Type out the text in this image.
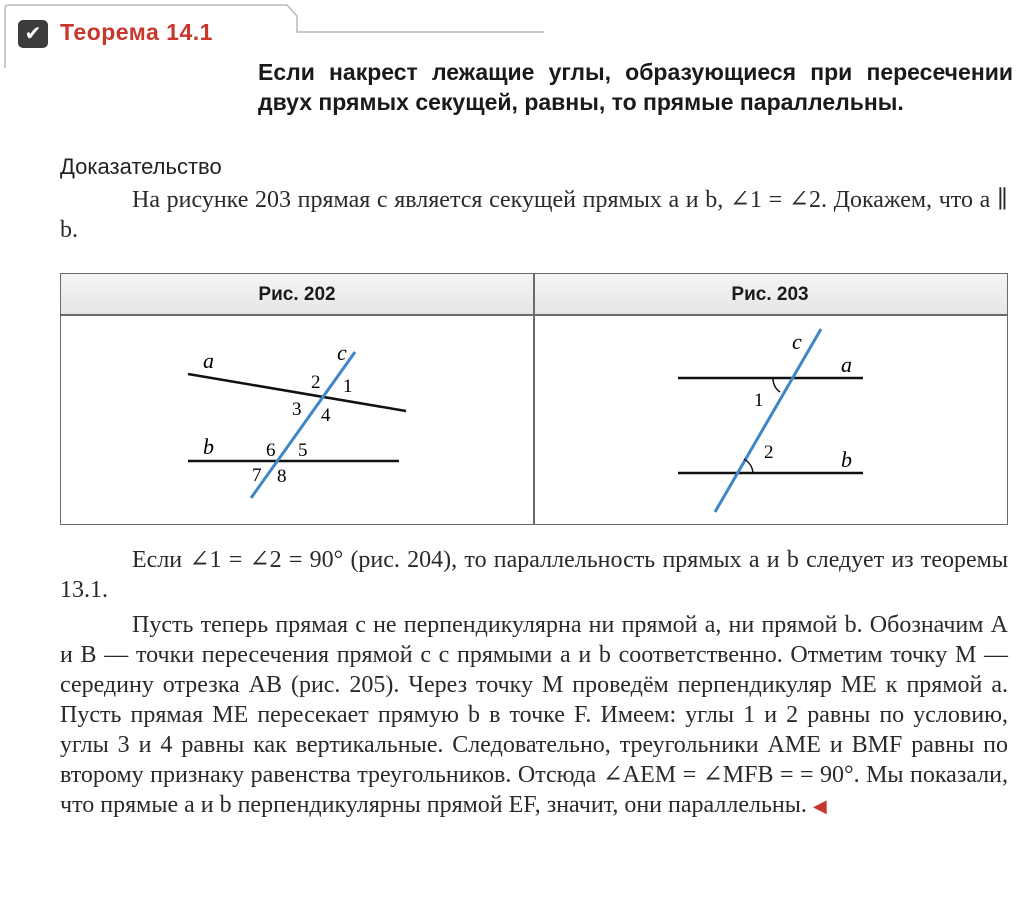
✔ Теорема 14.1
Если накрест лежащие углы, образующиеся при пересечении двух прямых секущей, равны, то прямые параллельны.
Доказательство
На рисунке 203 прямая c является секущей прямых a и b, ∠1 = ∠2. Докажем, что a ∥ b.
Рис. 202	Рис. 203
a
b
c
1
2
3 4
5
6
7 8
a
b
c
1
2
Если ∠1 = ∠2 = 90° (рис. 204), то параллельность прямых a и b следует из теоремы 13.1.
Пусть теперь прямая c не перпендикулярна ни прямой a, ни прямой b. Обозначим A и B — точки пересечения прямой c с прямыми a и b соответственно. Отметим точку M — середину отрезка AB (рис. 205). Через точку M проведём перпендикуляр ME к прямой a. Пусть прямая ME пересекает прямую b в точке F. Имеем: углы 1 и 2 равны по условию, углы 3 и 4 равны как вертикальные. Следовательно, треугольники AME и BMF равны по второму признаку равенства треугольников. Отсюда ∠AEM = ∠MFB = = 90°. Мы показали, что прямые a и b перпендикулярны прямой EF, значит, они параллельны. ◀
